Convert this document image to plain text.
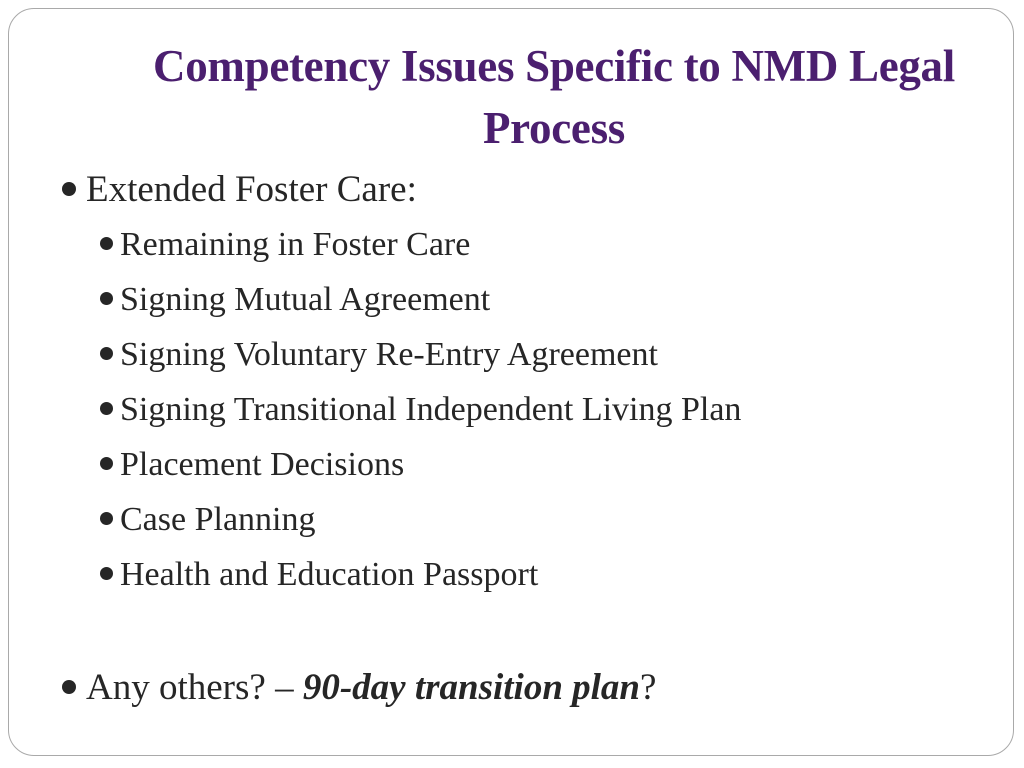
Competency Issues Specific to NMD Legal Process
Extended Foster Care:
Remaining in Foster Care
Signing Mutual Agreement
Signing Voluntary Re-Entry Agreement
Signing Transitional Independent Living Plan
Placement Decisions
Case Planning
Health and Education Passport
Any others? – 90-day transition plan?
